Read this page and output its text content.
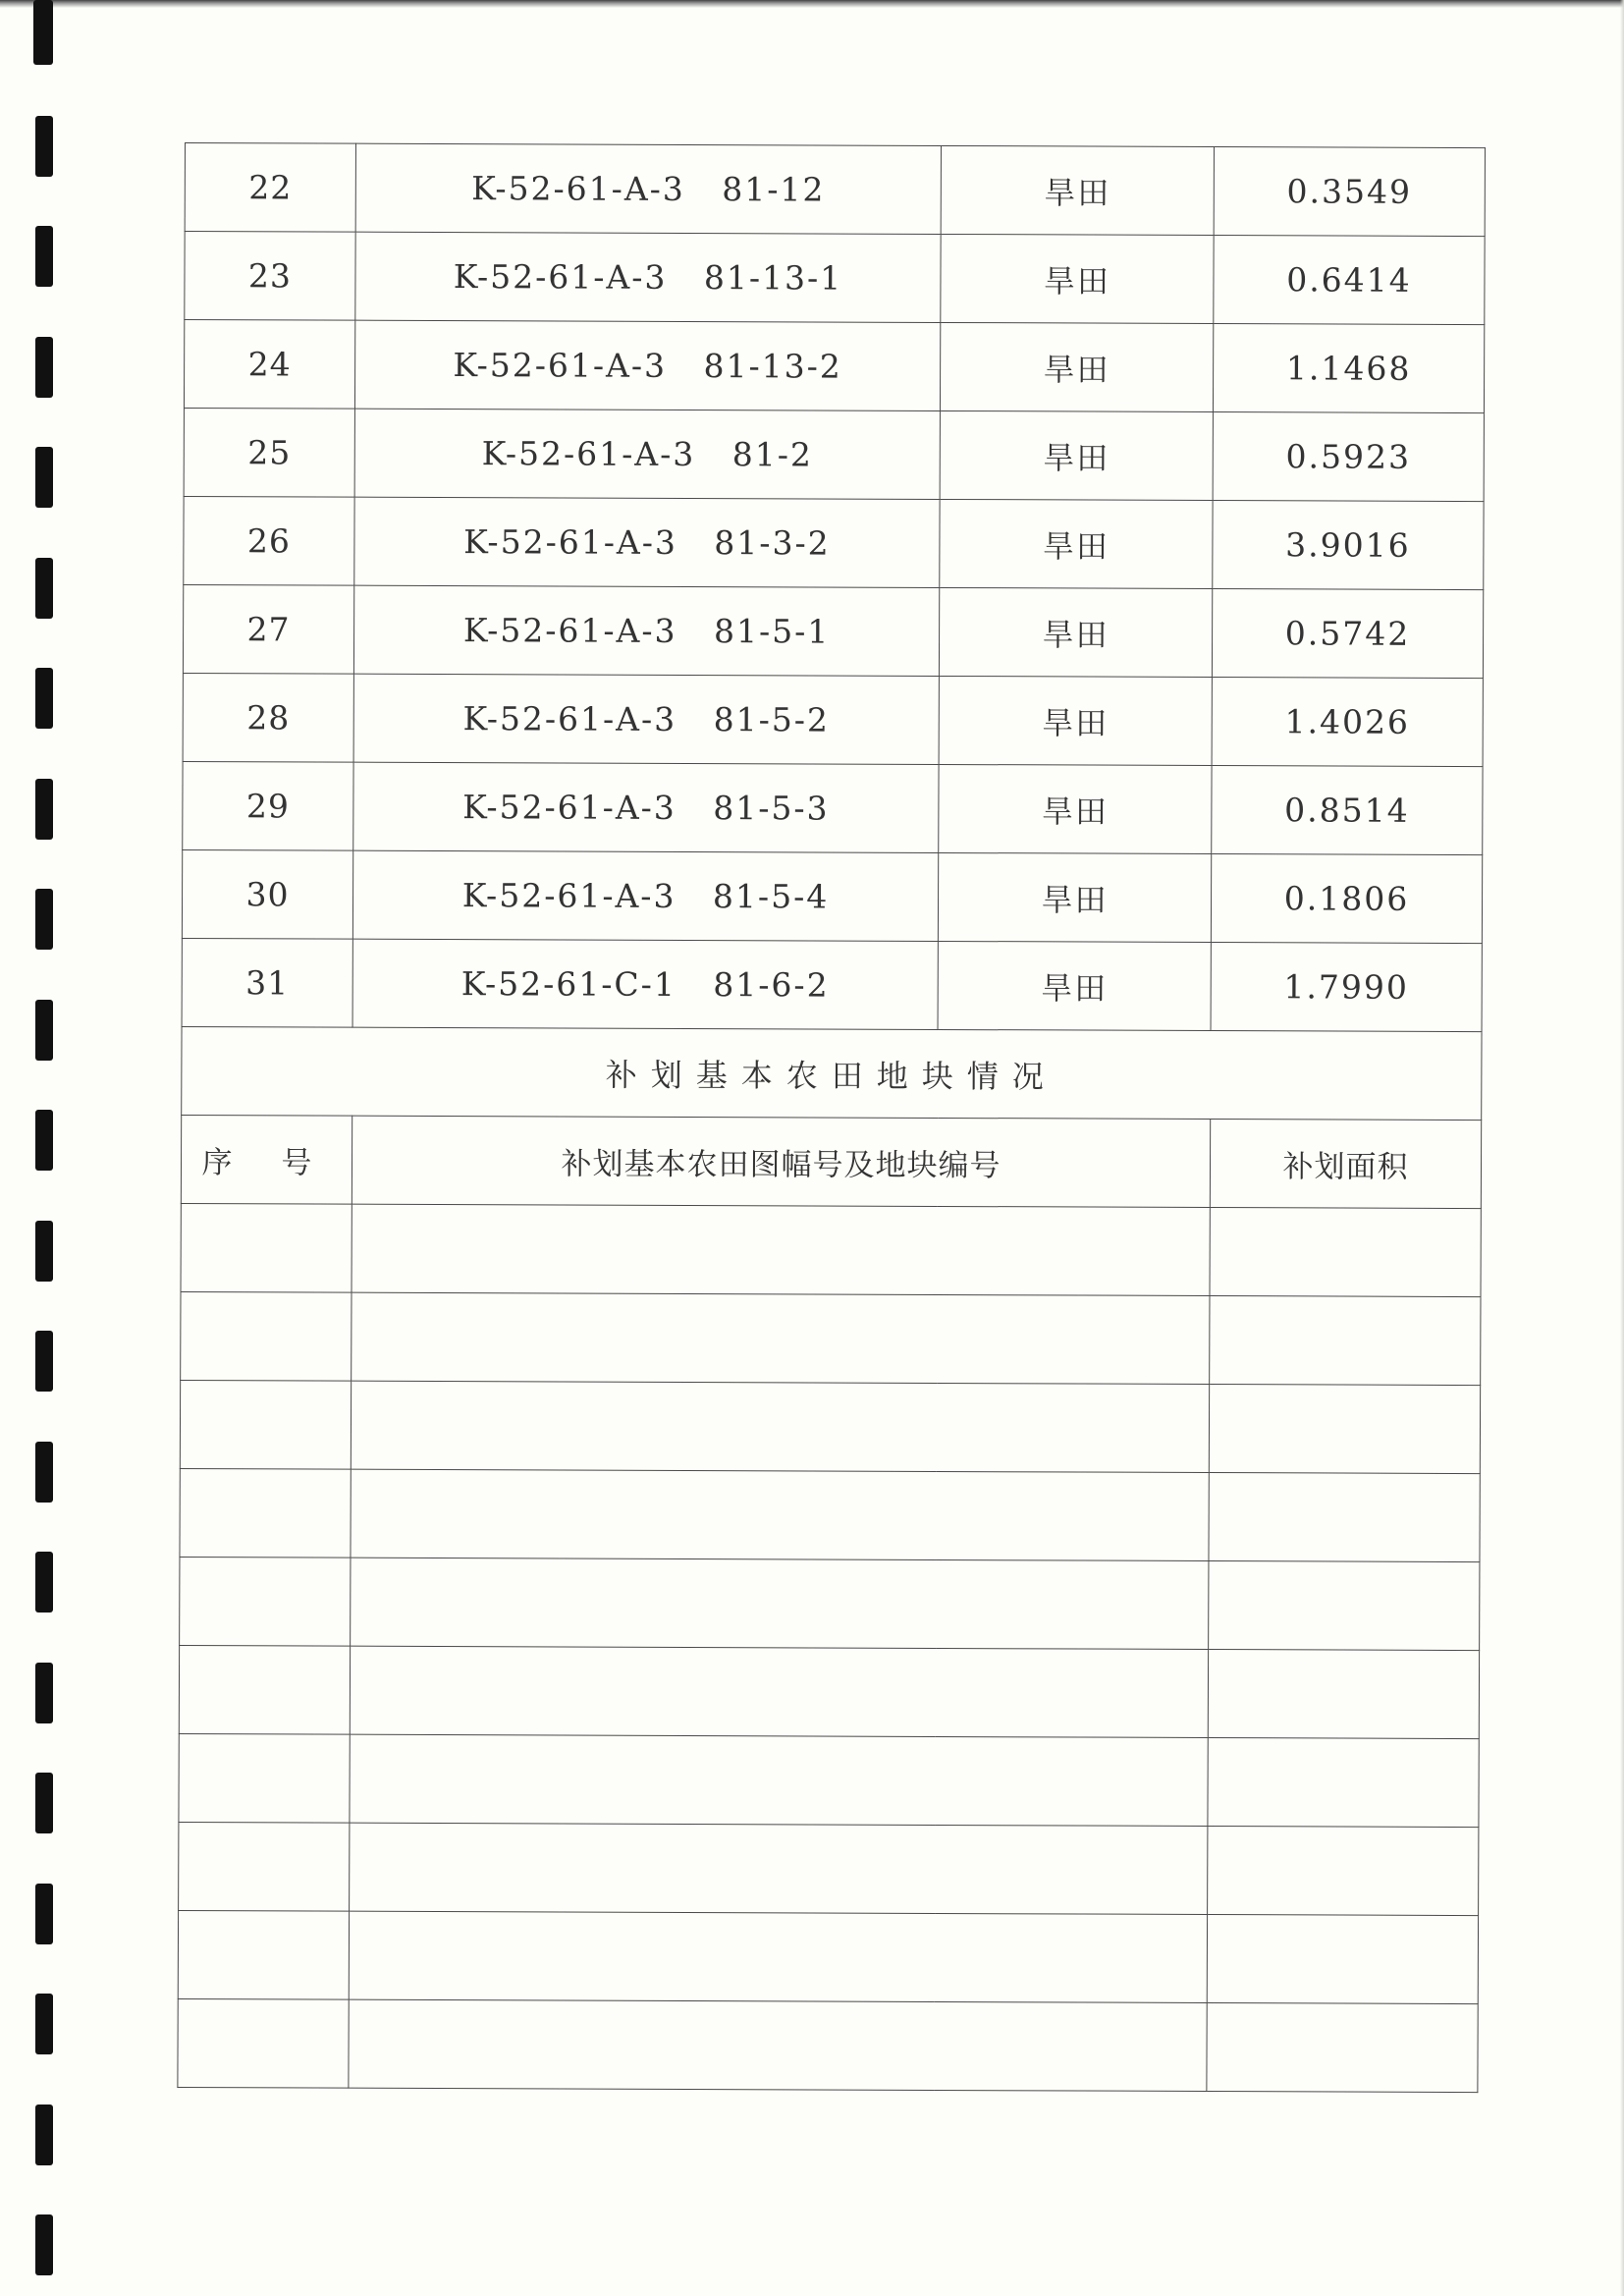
22	K-52-61-A-3   81-12	旱田	0.3549
23	K-52-61-A-3   81-13-1	旱田	0.6414
24	K-52-61-A-3   81-13-2	旱田	1.1468
25	K-52-61-A-3   81-2	旱田	0.5923
26	K-52-61-A-3   81-3-2	旱田	3.9016
27	K-52-61-A-3   81-5-1	旱田	0.5742
28	K-52-61-A-3   81-5-2	旱田	1.4026
29	K-52-61-A-3   81-5-3	旱田	0.8514
30	K-52-61-A-3   81-5-4	旱田	0.1806
31	K-52-61-C-1   81-6-2	旱田	1.7990
补划基本农田地块情况			
序 号	补划基本农田图幅号及地块编号		补划面积
